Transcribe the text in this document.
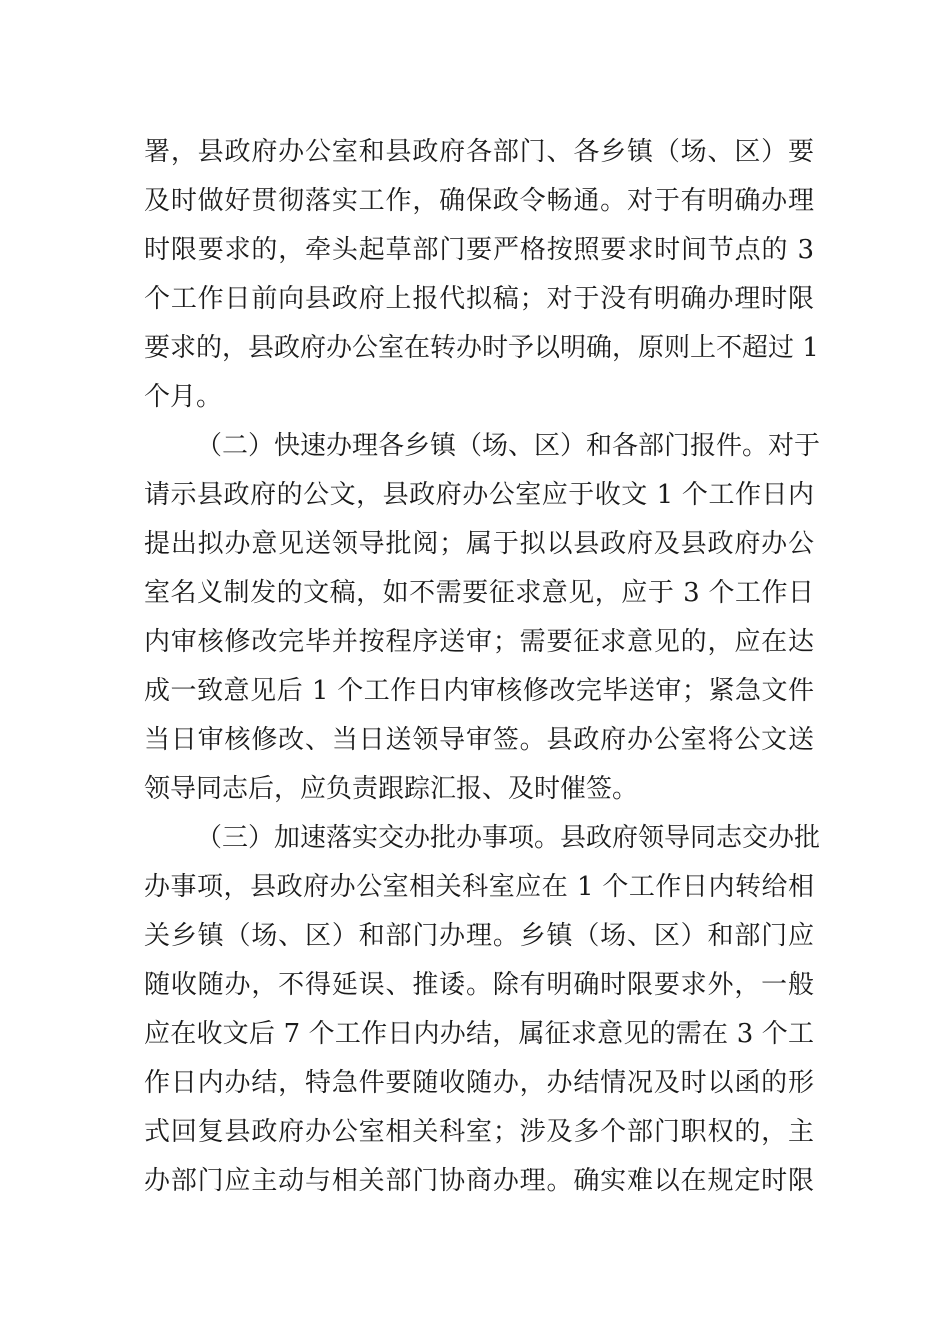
署，县政府办公室和县政府各部门、各乡镇（场、区）要
及时做好贯彻落实工作，确保政令畅通。对于有明确办理
时限要求的，牵头起草部门要严格按照要求时间节点的 3
个工作日前向县政府上报代拟稿；对于没有明确办理时限
要求的，县政府办公室在转办时予以明确，原则上不超过 1
个月。
（二）快速办理各乡镇（场、区）和各部门报件。对于
请示县政府的公文，县政府办公室应于收文 1 个工作日内
提出拟办意见送领导批阅；属于拟以县政府及县政府办公
室名义制发的文稿，如不需要征求意见，应于 3 个工作日
内审核修改完毕并按程序送审；需要征求意见的，应在达
成一致意见后 1 个工作日内审核修改完毕送审；紧急文件
当日审核修改、当日送领导审签。县政府办公室将公文送
领导同志后，应负责跟踪汇报、及时催签。
（三）加速落实交办批办事项。县政府领导同志交办批
办事项，县政府办公室相关科室应在 1 个工作日内转给相
关乡镇（场、区）和部门办理。乡镇（场、区）和部门应
随收随办，不得延误、推诿。除有明确时限要求外，一般
应在收文后 7 个工作日内办结，属征求意见的需在 3 个工
作日内办结，特急件要随收随办，办结情况及时以函的形
式回复县政府办公室相关科室；涉及多个部门职权的，主
办部门应主动与相关部门协商办理。确实难以在规定时限
